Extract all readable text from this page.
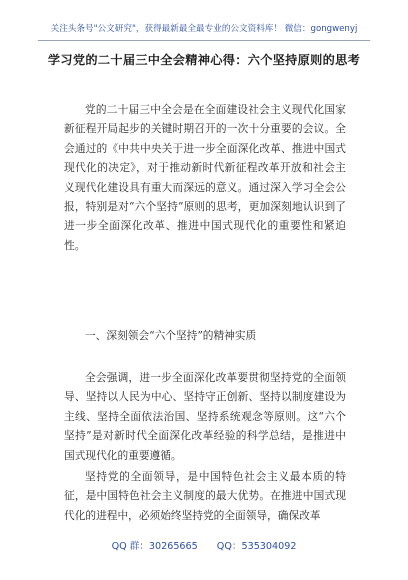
关注头条号"公文研究"，获得最新最全最专业的公文资料库！ 微信：gongwenyj
学习党的二十届三中全会精神心得：六个坚持原则的思考

党的二十届三中全会是在全面建设社会主义现代化国家新征程开局起步的关键时期召开的一次十分重要的会议。全会通过的《中共中央关于进一步全面深化改革、推进中国式现代化的决定》，对于推动新时代新征程改革开放和社会主义现代化建设具有重大而深远的意义。通过深入学习全会公报，特别是对“六个坚持”原则的思考，更加深刻地认识到了进一步全面深化改革、推进中国式现代化的重要性和紧迫性。

一、深刻领会“六个坚持”的精神实质

全会强调，进一步全面深化改革要贯彻坚持党的全面领导、坚持以人民为中心、坚持守正创新、坚持以制度建设为主线、坚持全面依法治国、坚持系统观念等原则。这“六个坚持”是对新时代全面深化改革经验的科学总结，是推进中国式现代化的重要遵循。

坚持党的全面领导，是中国特色社会主义最本质的特征，是中国特色社会主义制度的最大优势。在推进中国式现代化的进程中，必须始终坚持党的全面领导，确保改革

QQ 群：30265665 QQ：535304092
